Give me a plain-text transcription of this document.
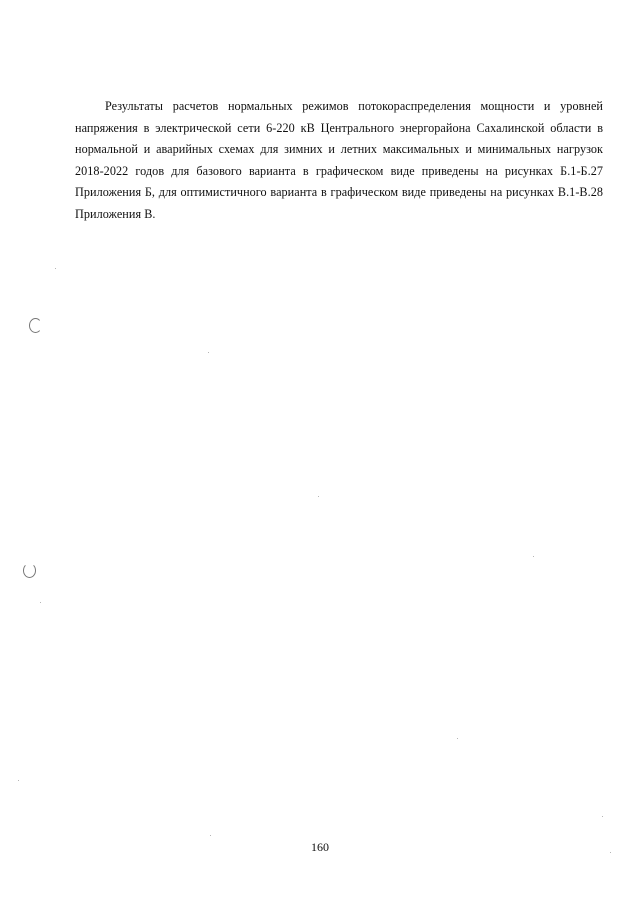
Результаты расчетов нормальных режимов потокораспределения мощности и уровней напряжения в электрической сети 6-220 кВ Центрального энергорайона Сахалинской области в нормальной и аварийных схемах для зимних и летних максимальных и минимальных нагрузок 2018-2022 годов для базового варианта в графическом виде приведены на рисунках Б.1-Б.27 Приложения Б, для оптимистичного варианта в графическом виде приведены на рисунках В.1-В.28 Приложения В.

160
